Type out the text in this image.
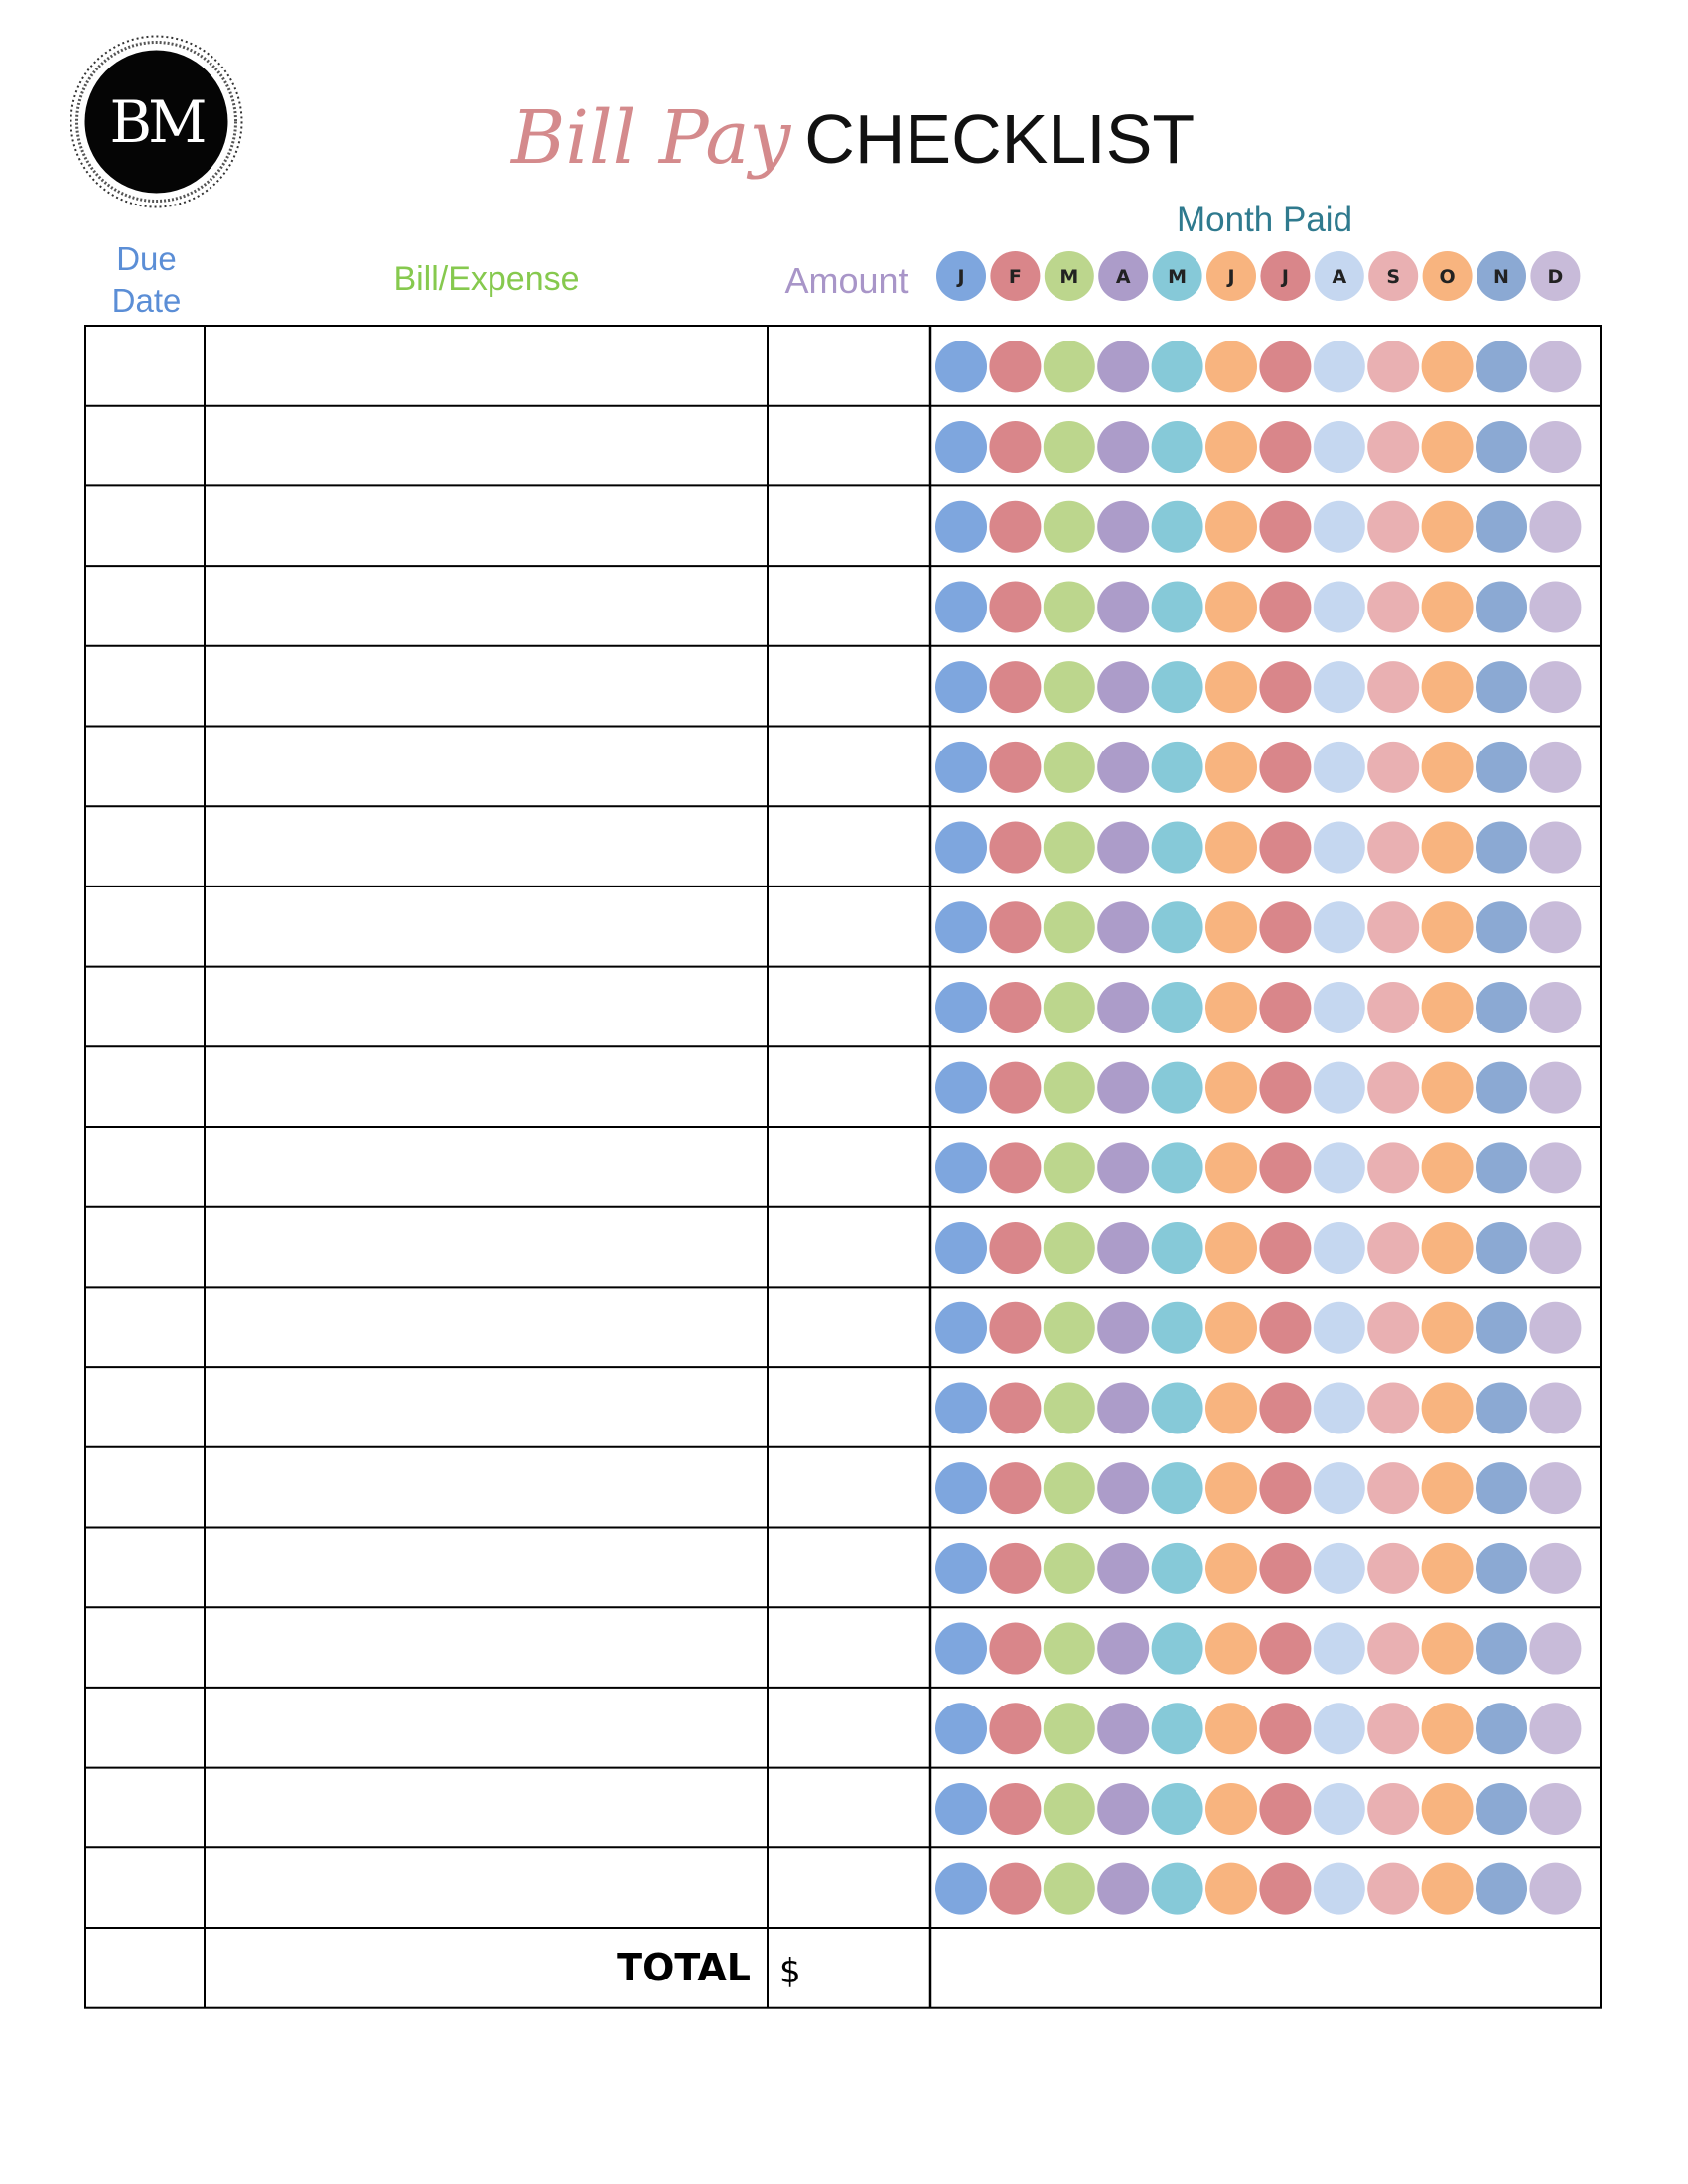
BM	Bill Pay CHECKLIST
Due
Date
Bill/Expense	Amount
Month Paid
J F M A M J J A S O N D
TOTAL $
